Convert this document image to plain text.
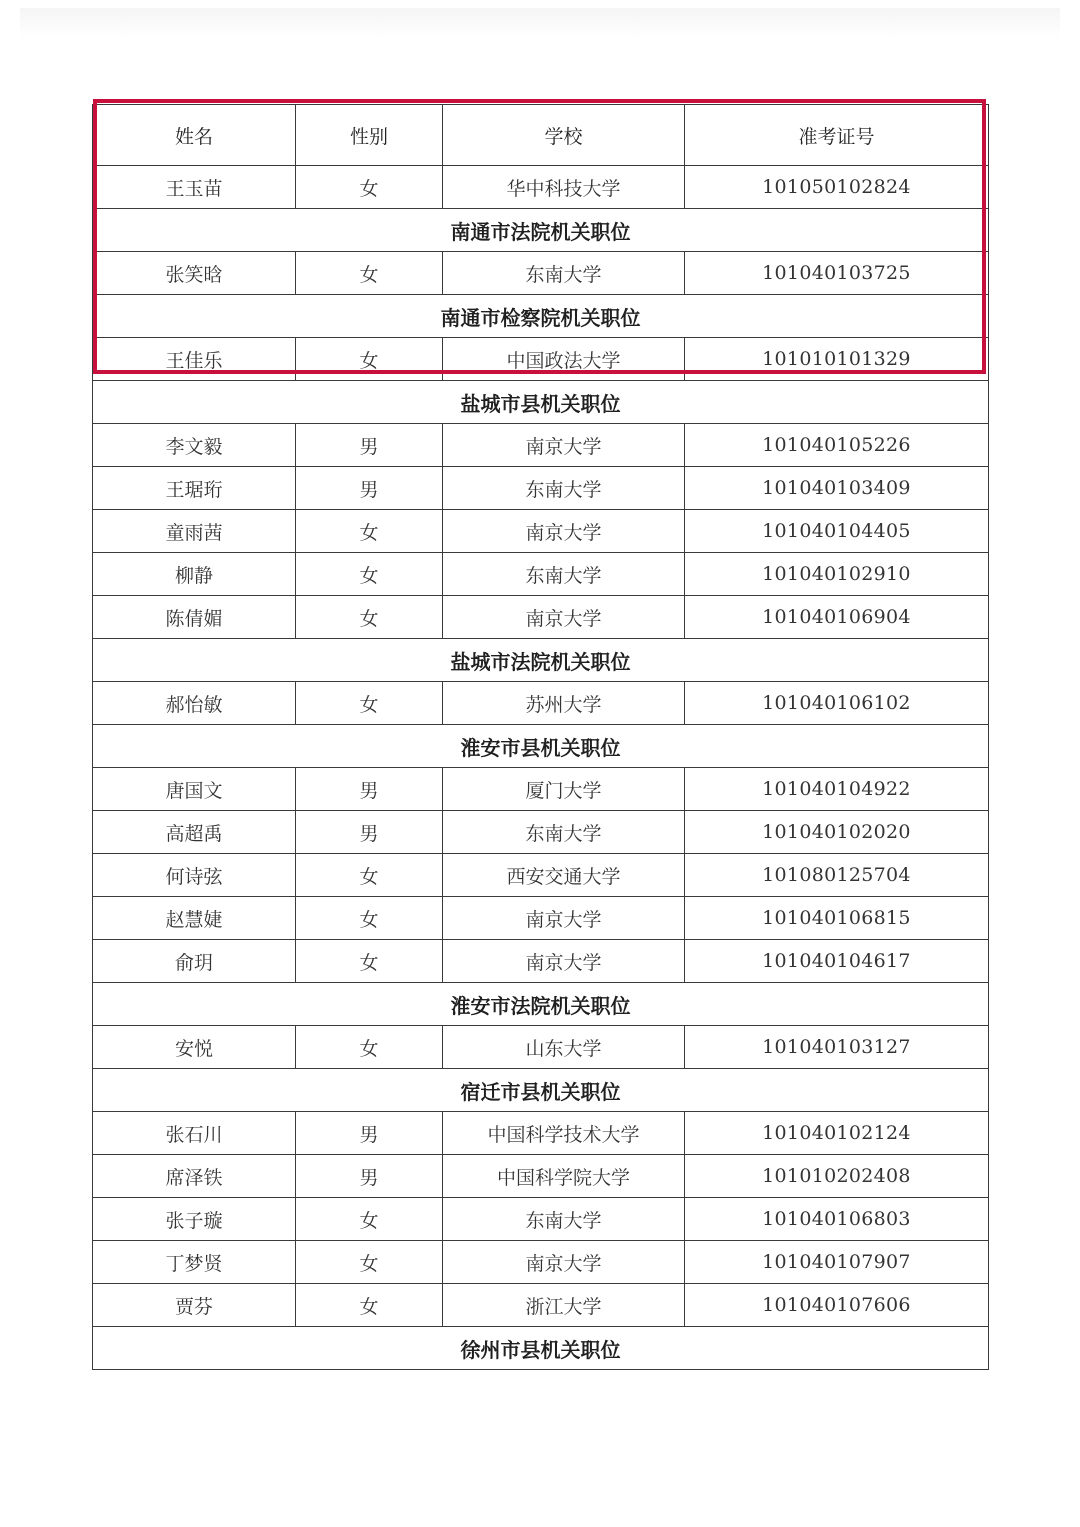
姓名	性别	学校	准考证号
王玉苗	女	华中科技大学	101050102824
南通市法院机关职位			
张笑晗	女	东南大学	101040103725
南通市检察院机关职位			
王佳乐	女	中国政法大学	101010101329
盐城市县机关职位			
李文毅	男	南京大学	101040105226
王琚珩	男	东南大学	101040103409
童雨茜	女	南京大学	101040104405
柳静	女	东南大学	101040102910
陈倩媚	女	南京大学	101040106904
盐城市法院机关职位			
郝怡敏	女	苏州大学	101040106102
淮安市县机关职位			
唐国文	男	厦门大学	101040104922
高超禹	男	东南大学	101040102020
何诗弦	女	西安交通大学	101080125704
赵慧婕	女	南京大学	101040106815
俞玥	女	南京大学	101040104617
淮安市法院机关职位			
安悦	女	山东大学	101040103127
宿迁市县机关职位			
张石川	男	中国科学技术大学	101040102124
席泽铁	男	中国科学院大学	101010202408
张子璇	女	东南大学	101040106803
丁梦贤	女	南京大学	101040107907
贾芬	女	浙江大学	101040107606
徐州市县机关职位			
